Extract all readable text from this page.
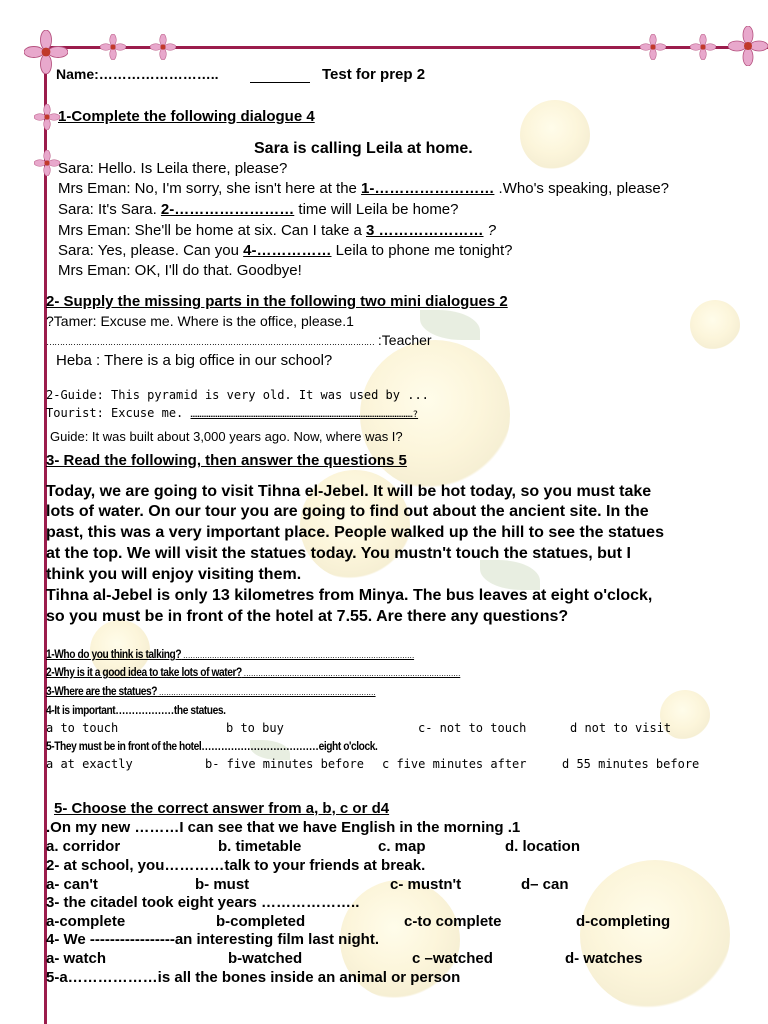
Name:……………………..	Test for prep 2
1-Complete the following dialogue 4
Sara is calling Leila at home.
Sara: Hello. Is Leila there, please?
Mrs Eman: No, I'm sorry, she isn't here at the 1-…………………… .Who's speaking, please?
Sara: It's Sara. 2-…………………… time will Leila be home?
Mrs Eman: She'll be home at six. Can I take a 3 ………………… ?
Sara: Yes, please. Can you 4-…………… Leila to phone me tonight?
Mrs Eman: OK, I'll do that. Goodbye!
2- Supply the missing parts in the following two mini dialogues 2
?Tamer: Excuse me. Where is the office, please.1
…………………………………………………………………………………………………………… :Teacher
Heba : There is a big office in our school?
2-Guide: This pyramid is very old. It was used by ...
Tourist: Excuse me. ……………………………………………………………………………………………………………?
Guide: It was built about 3,000 years ago. Now, where was I?
3- Read the following, then answer the questions 5
Today, we are going to visit Tihna el-Jebel. It will be hot today, so you must take
lots of water. On our tour you are going to find out about the ancient site. In the
past, this was a very important place. People walked up the hill to see the statues
at the top. We will visit the statues today. You mustn't touch the statues, but I
think you will enjoy visiting them.
Tihna al-Jebel is only 13 kilometres from Minya. The bus leaves at eight o'clock,
so you must be in front of the hotel at 7.55. Are there any questions?
1-Who do you think is talking? ……………………………………………………………………………………
2-Why is it a good idea to take lots of water? ………………………………………………………………………………
3-Where are the statues? ………………………………………………………………………………
4-It is important………………the statues.
a to touch	b to buy	c- not to touch	d not to visit
5-They must be in front of the hotel………………………………eight o'clock.
a at exactly	b- five minutes before c five minutes after	d 55 minutes before
5- Choose the correct answer from a, b, c or d4
.On my new ………I can see that we have English in the morning .1
a. corridor	b. timetable	c. map	d. location
2- at school, you…………talk to your friends at break.
a- can't	b- must	c- mustn't	d– can
3- the citadel took eight years ………………..
a-complete	b-completed	c-to complete	d-completing
4- We -----------------an interesting film last night.
a- watch	b-watched	c –watched	d- watches
5-a………………is all the bones inside an animal or person
